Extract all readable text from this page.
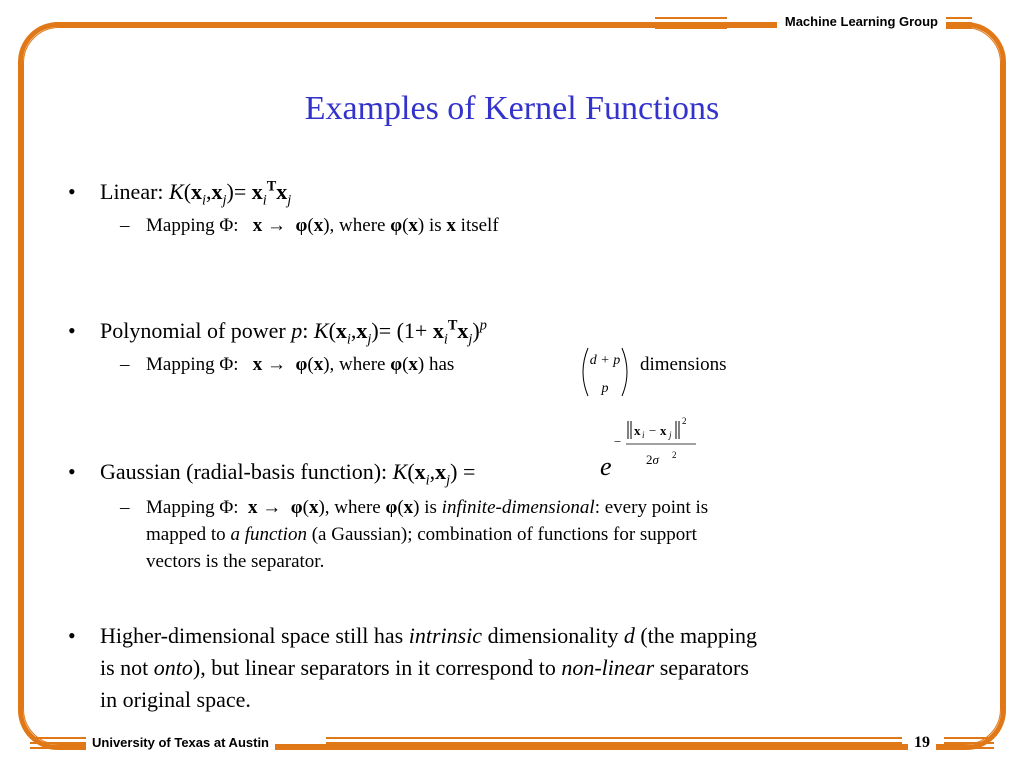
Machine Learning Group
Examples of Kernel Functions
• Linear: $K(x_i,x_j)= x_i^Tx_j$
– Mapping Φ: x → φ(x), where φ(x) is x itself
• Polynomial of power p: $K(x_i,x_j)= (1+ x_i^Tx_j)^p$
– Mapping Φ: x →  φ(x), where φ(x) has	d + p
p
dimensions
• Gaussian (radial-basis function): $K(x_i,x_j)$ =	e
−
x i − x j
2
2σ 2
– Mapping Φ: x →  φ(x), where φ(x) is infinite-dimensional: every point is
mapped to a function (a Gaussian); combination of functions for support
vectors is the separator.
• Higher-dimensional space still has intrinsic dimensionality d (the mapping
is not onto), but linear separators in it correspond to non-linear separators
in original space.
University of Texas at Austin	19
